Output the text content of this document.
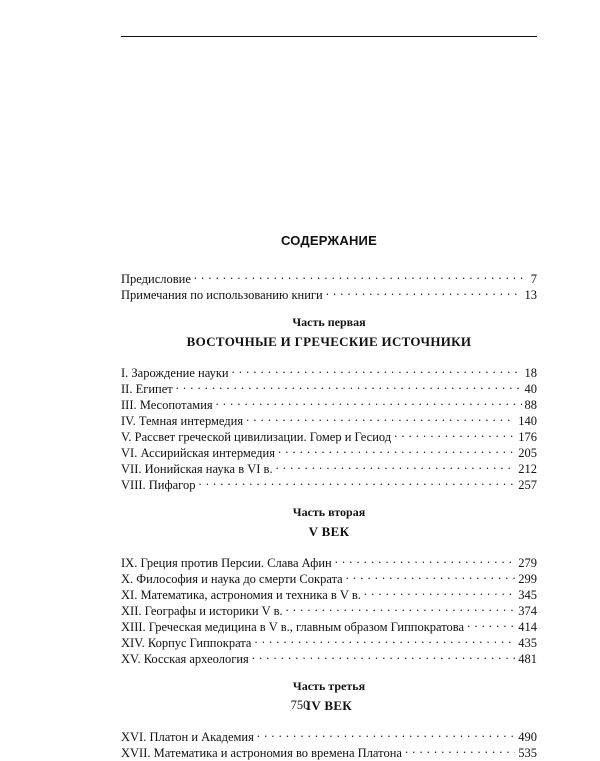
СОДЕРЖАНИЕ
Предисловие . . .	7
Примечания по использованию книги . . .	13
Часть первая
ВОСТОЧНЫЕ И ГРЕЧЕСКИЕ ИСТОЧНИКИ
I. Зарождение науки . . .	18
II. Египет . . .	40
III. Месопотамия . . .	88
IV. Темная интермедия . . .	140
V. Рассвет греческой цивилизации. Гомер и Гесиод . . .	176
VI. Ассирийская интермедия . . .	205
VII. Ионийская наука в VI в. . . .	212
VIII. Пифагор . . .	257
Часть вторая
V ВЕК
IX. Греция против Персии. Слава Афин . . .	279
X. Философия и наука до смерти Сократа . . .	299
XI. Математика, астрономия и техника в V в. . . .	345
XII. Географы и историки V в. . . .	374
XIII. Греческая медицина в V в., главным образом Гиппократова . . .	414
XIV. Корпус Гиппократа . . .	435
XV. Косская археология . . .	481
Часть третья
IV ВЕК
XVI. Платон и Академия . . .	490
XVII. Математика и астрономия во времена Платона . . .	535
750
